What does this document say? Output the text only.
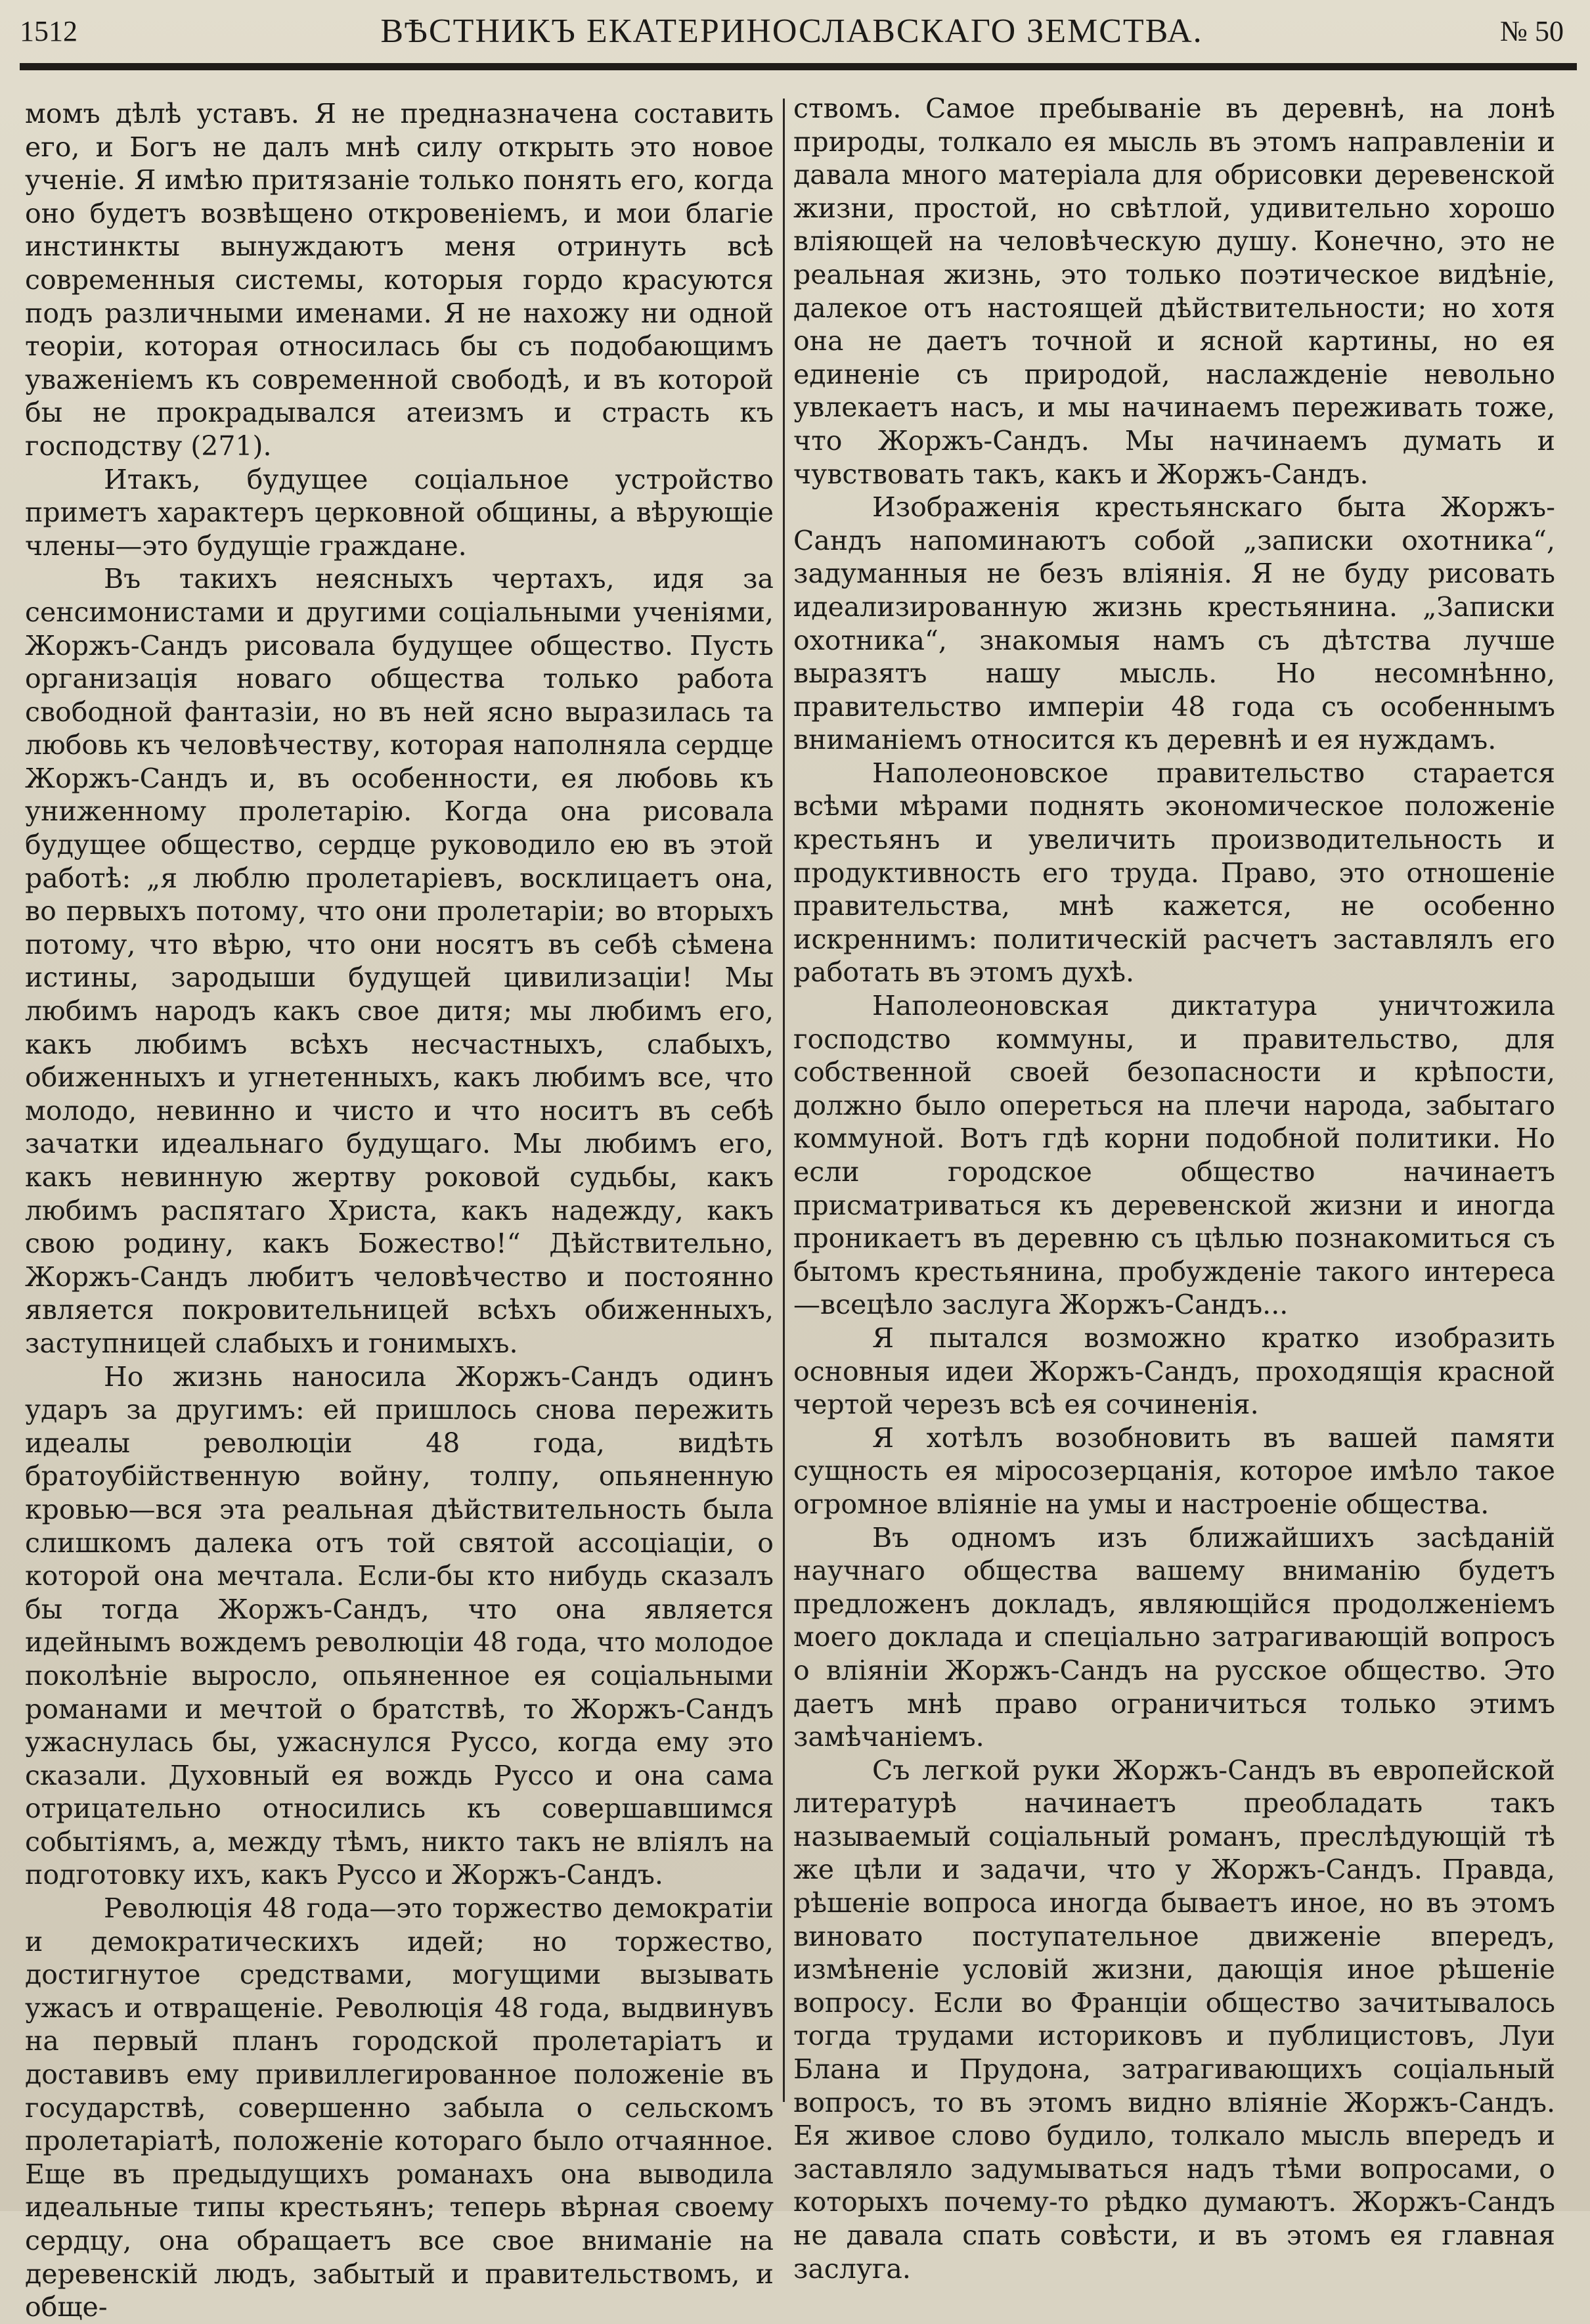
1512	ВѢСТНИКЪ ЕКАТЕРИНОСЛАВСКАГО ЗЕМСТВА.	№ 50

момъ дѣлѣ уставъ. Я не предназначена составить его, и Богъ не далъ мнѣ силу открыть это новое ученіе. Я имѣю притязаніе только понять его, когда оно будетъ возвѣщено откровеніемъ, и мои благіе инстинкты вынуждаютъ меня отринуть всѣ современныя системы, которыя гордо красуются подъ различными именами. Я не нахожу ни одной теоріи, которая относилась бы съ подобающимъ уваженіемъ къ современной свободѣ, и въ которой бы не прокрадывался атеизмъ и страсть къ господству (271).

Итакъ, будущее соціальное устройство приметъ характеръ церковной общины, а вѣрующіе члены—это будущіе граждане.

Въ такихъ неясныхъ чертахъ, идя за сенсимонистами и другими соціальными ученіями, Жоржъ-Сандъ рисовала будущее общество. Пусть организація новаго общества только работа свободной фантазіи, но въ ней ясно выразилась та любовь къ человѣчеству, которая наполняла сердце Жоржъ-Сандъ и, въ особенности, ея любовь къ униженному пролетарію. Когда она рисовала будущее общество, сердце руководило ею въ этой работѣ: „я люблю пролетаріевъ, восклицаетъ она, во первыхъ потому, что они пролетаріи; во вторыхъ потому, что вѣрю, что они носятъ въ себѣ сѣмена истины, зародыши будущей цивилизаціи! Мы любимъ народъ какъ свое дитя; мы любимъ его, какъ любимъ всѣхъ несчастныхъ, слабыхъ, обиженныхъ и угнетенныхъ, какъ любимъ все, что молодо, невинно и чисто и что носитъ въ себѣ зачатки идеальнаго будущаго. Мы любимъ его, какъ невинную жертву роковой судьбы, какъ любимъ распятаго Христа, какъ надежду, какъ свою родину, какъ Божество!“ Дѣйствительно, Жоржъ-Сандъ любитъ человѣчество и постоянно является покровительницей всѣхъ обиженныхъ, заступницей слабыхъ и гонимыхъ.

Но жизнь наносила Жоржъ-Сандъ одинъ ударъ за другимъ: ей пришлось снова пережить идеалы революціи 48 года, видѣть братоубійственную войну, толпу, опьяненную кровью—вся эта реальная дѣйствительность была слишкомъ далека отъ той святой ассоціаціи, о которой она мечтала. Если-бы кто нибудь сказалъ бы тогда Жоржъ-Сандъ, что она является идейнымъ вождемъ революціи 48 года, что молодое поколѣніе выросло, опьяненное ея соціальными романами и мечтой о братствѣ, то Жоржъ-Сандъ ужаснулась бы, ужаснулся Руссо, когда ему это сказали. Духовный ея вождь Руссо и она сама отрицательно относились къ совершавшимся событіямъ, а, между тѣмъ, никто такъ не вліялъ на подготовку ихъ, какъ Руссо и Жоржъ-Сандъ.

Революція 48 года—это торжество демократіи и демократическихъ идей; но торжество, достигнутое средствами, могущими вызывать ужасъ и отвращеніе. Революція 48 года, выдвинувъ на первый планъ городской пролетаріатъ и доставивъ ему привиллегированное положеніе въ государствѣ, совершенно забыла о сельскомъ пролетаріатѣ, положеніе котораго было отчаянное. Еще въ предыдущихъ романахъ она выводила идеальные типы крестьянъ; теперь вѣрная своему сердцу, она обращаетъ все свое вниманіе на деревенскій людъ, забытый и правительствомъ, и обще-

ствомъ. Самое пребываніе въ деревнѣ, на лонѣ природы, толкало ея мысль въ этомъ направленіи и давала много матеріала для обрисовки деревенской жизни, простой, но свѣтлой, удивительно хорошо вліяющей на человѣческую душу. Конечно, это не реальная жизнь, это только поэтическое видѣніе, далекое отъ настоящей дѣйствительности; но хотя она не даетъ точной и ясной картины, но ея единеніе съ природой, наслажденіе невольно увлекаетъ насъ, и мы начинаемъ переживать тоже, что Жоржъ-Сандъ. Мы начинаемъ думать и чувствовать такъ, какъ и Жоржъ-Сандъ.

Изображенія крестьянскаго быта Жоржъ-Сандъ напоминаютъ собой „записки охотника“, задуманныя не безъ вліянія. Я не буду рисовать идеализированную жизнь крестьянина. „Записки охотника“, знакомыя намъ съ дѣтства лучше выразятъ нашу мысль. Но несомнѣнно, правительство имперіи 48 года съ особеннымъ вниманіемъ относится къ деревнѣ и ея нуждамъ.

Наполеоновское правительство старается всѣми мѣрами поднять экономическое положеніе крестьянъ и увеличить производительность и продуктивность его труда. Право, это отношеніе правительства, мнѣ кажется, не особенно искреннимъ: политическій расчетъ заставлялъ его работать въ этомъ духѣ.

Наполеоновская диктатура уничтожила господство коммуны, и правительство, для собственной своей безопасности и крѣпости, должно было опереться на плечи народа, забытаго коммуной. Вотъ гдѣ корни подобной политики. Но если городское общество начинаетъ присматриваться къ деревенской жизни и иногда проникаетъ въ деревню съ цѣлью познакомиться съ бытомъ крестьянина, пробужденіе такого интереса—всецѣло заслуга Жоржъ-Сандъ...

Я пытался возможно кратко изобразить основныя идеи Жоржъ-Сандъ, проходящія красной чертой черезъ всѣ ея сочиненія.

Я хотѣлъ возобновить въ вашей памяти сущность ея міросозерцанія, которое имѣло такое огромное вліяніе на умы и настроеніе общества.

Въ одномъ изъ ближайшихъ засѣданій научнаго общества вашему вниманію будетъ предложенъ докладъ, являющійся продолженіемъ моего доклада и спеціально затрагивающій вопросъ о вліяніи Жоржъ-Сандъ на русское общество. Это даетъ мнѣ право ограничиться только этимъ замѣчаніемъ.

Съ легкой руки Жоржъ-Сандъ въ европейской литературѣ начинаетъ преобладать такъ называемый соціальный романъ, преслѣдующій тѣ же цѣли и задачи, что у Жоржъ-Сандъ. Правда, рѣшеніе вопроса иногда бываетъ иное, но въ этомъ виновато поступательное движеніе впередъ, измѣненіе условій жизни, дающія иное рѣшеніе вопросу. Если во Франціи общество зачитывалось тогда трудами историковъ и публицистовъ, Луи Блана и Прудона, затрагивающихъ соціальный вопросъ, то въ этомъ видно вліяніе Жоржъ-Сандъ. Ея живое слово будило, толкало мысль впередъ и заставляло задумываться надъ тѣми вопросами, о которыхъ почему-то рѣдко думаютъ. Жоржъ-Сандъ не давала спать совѣсти, и въ этомъ ея главная заслуга.
